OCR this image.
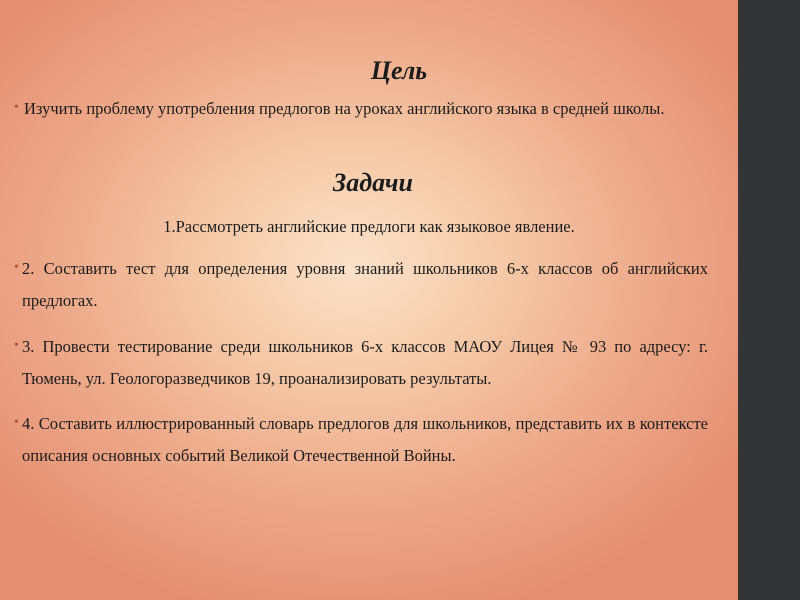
Цель
• Изучить проблему употребления предлогов на уроках английского языка в средней школы.
Задачи
1.Рассмотреть английские предлоги как языковое явление.
• 2. Составить тест для определения уровня знаний школьников 6-х классов об английских предлогах.
• 3. Провести тестирование среди школьников 6-х классов МАОУ Лицея № 93 по адресу: г. Тюмень, ул. Геологоразведчиков 19, проанализировать результаты.
• 4. Составить иллюстрированный словарь предлогов для школьников, представить их в контексте описания основных событий Великой Отечественной Войны.
